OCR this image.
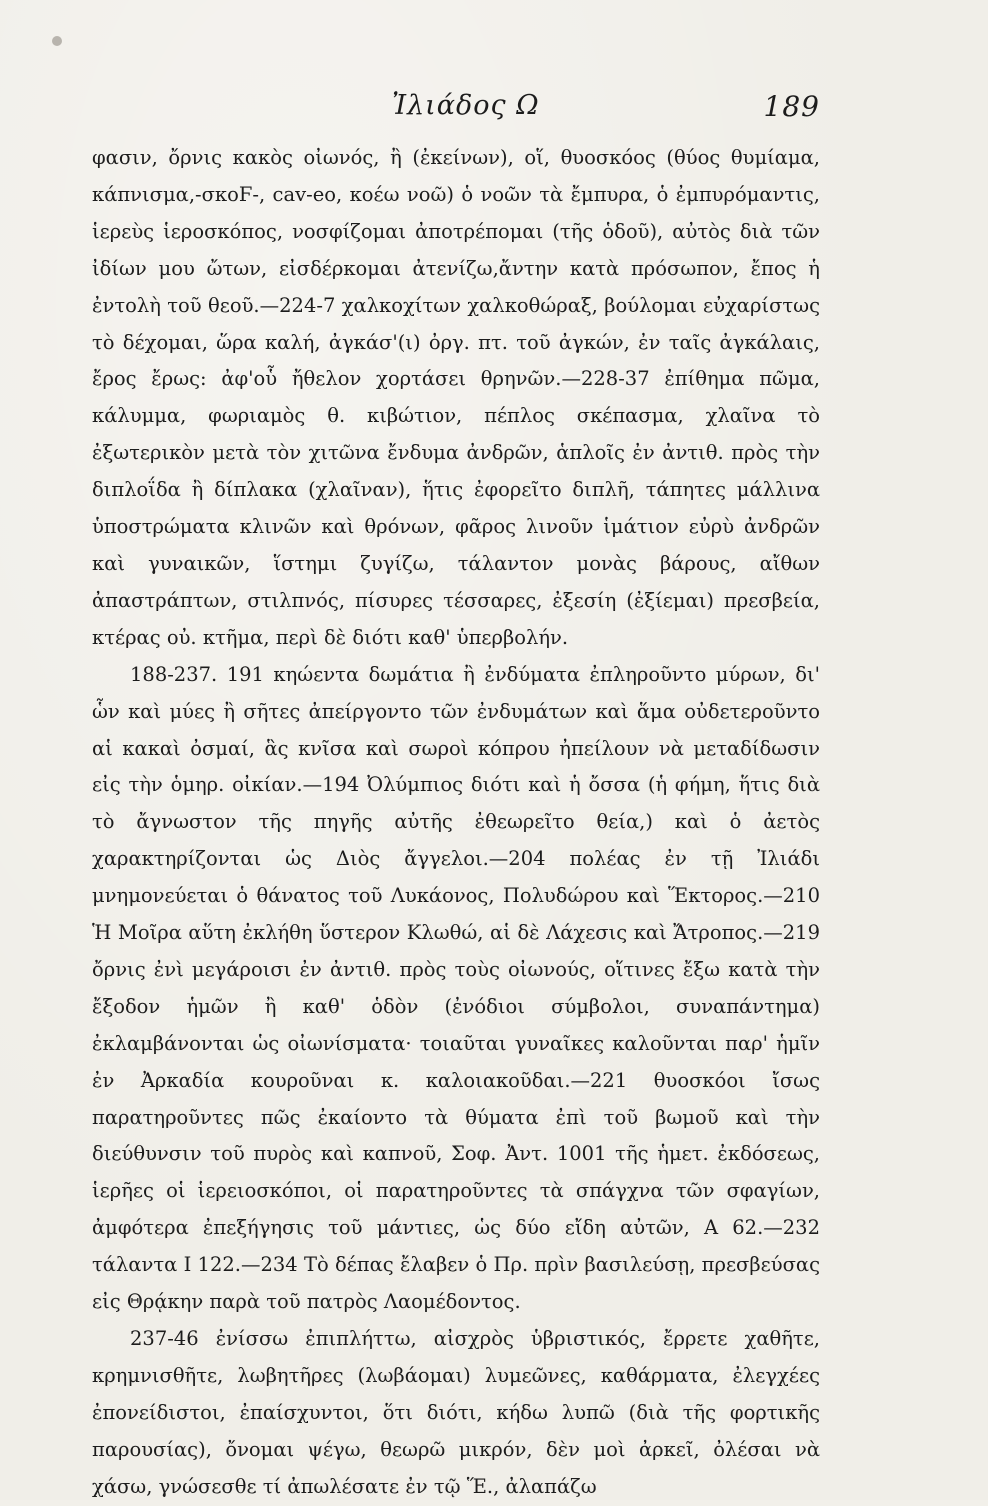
Ἰλιάδος Ω	189

φασιν, ὄρνις κακὸς οἰωνός, ἢ (ἐκείνων), οἵ, θυοσκόος (θύος θυμίαμα, κάπνισμα,-σκοϜ-, cav-eo, κοέω νοῶ) ὁ νοῶν τὰ ἔμπυρα, ὁ ἐμπυρόμαντις, ἱερεὺς ἱεροσκόπος, νοσφίζομαι ἀποτρέπομαι (τῆς ὁδοῦ), αὐτὸς διὰ τῶν ἰδίων μου ὤτων, εἰσδέρκομαι ἀτενίζω,ἄντην κατὰ πρόσωπον, ἔπος ἡ ἐντολὴ τοῦ θεοῦ.—224-7 χαλκοχίτων χαλκοθώραξ, βούλομαι εὐχαρίστως τὸ δέχομαι, ὥρα καλή, ἀγκάσ'(ι) ὀργ. πτ. τοῦ ἀγκών, ἐν ταῖς ἀγκάλαις, ἔρος ἔρως: ἀφ'οὗ ἤθελον χορτάσει θρηνῶν.—228-37 ἐπίθημα πῶμα, κάλυμμα, φωριαμὸς θ. κιβώτιον, πέπλος σκέπασμα, χλαῖνα τὸ ἐξωτερικὸν μετὰ τὸν χιτῶνα ἔνδυμα ἀνδρῶν, ἁπλοῖς ἐν ἀντιθ. πρὸς τὴν διπλοΐδα ἢ δίπλακα (χλαῖναν), ἥτις ἐφορεῖτο διπλῆ, τάπητες μάλλινα ὑποστρώματα κλινῶν καὶ θρόνων, φᾶρος λινοῦν ἱμάτιον εὐρὺ ἀνδρῶν καὶ γυναικῶν, ἵστημι ζυγίζω, τάλαντον μονὰς βάρους, αἴθων ἀπαστράπτων, στιλπνός, πίσυρες τέσσαρες, ἐξεσίη (ἐξίεμαι) πρεσβεία, κτέρας οὐ. κτῆμα, περὶ δὲ διότι καθ' ὑπερβολήν.

188-237. 191 κηώεντα δωμάτια ἢ ἐνδύματα ἐπληροῦντο μύρων, δι' ὧν καὶ μύες ἢ σῆτες ἀπείργοντο τῶν ἐνδυμάτων καὶ ἅμα οὐδετεροῦντο αἱ κακαὶ ὀσμαί, ἃς κνῖσα καὶ σωροὶ κόπρου ἠπείλουν νὰ μεταδίδωσιν εἰς τὴν ὁμηρ. οἰκίαν.—194 Ὀλύμπιος διότι καὶ ἡ ὄσσα (ἡ φήμη, ἥτις διὰ τὸ ἄγνωστον τῆς πηγῆς αὐτῆς ἐθεωρεῖτο θεία,) καὶ ὁ ἀετὸς χαρακτηρίζονται ὡς Διὸς ἄγγελοι.—204 πολέας ἐν τῇ Ἰλιάδι μνημονεύεται ὁ θάνατος τοῦ Λυκάονος, Πολυδώρου καὶ Ἕκτορος.—210 Ἡ Μοῖρα αὕτη ἐκλήθη ὕστερον Κλωθώ, αἱ δὲ Λάχεσις καὶ Ἄτροπος.—219 ὄρνις ἐνὶ μεγάροισι ἐν ἀντιθ. πρὸς τοὺς οἰωνούς, οἵτινες ἔξω κατὰ τὴν ἔξοδον ἡμῶν ἢ καθ' ὁδὸν (ἐνόδιοι σύμβολοι, συναπάντημα) ἐκλαμβάνονται ὡς οἰωνίσματα· τοιαῦται γυναῖκες καλοῦνται παρ' ἡμῖν ἐν Ἀρκαδία κουροῦναι κ. καλοιακοῦδαι.—221 θυοσκόοι ἴσως παρατηροῦντες πῶς ἐκαίοντο τὰ θύματα ἐπὶ τοῦ βωμοῦ καὶ τὴν διεύθυνσιν τοῦ πυρὸς καὶ καπνοῦ, Σοφ. Ἀντ. 1001 τῆς ἡμετ. ἐκδόσεως, ἱερῆες οἱ ἱερειοσκόποι, οἱ παρατηροῦντες τὰ σπάγχνα τῶν σφαγίων, ἀμφότερα ἐπεξήγησις τοῦ μάντιες, ὡς δύο εἴδη αὐτῶν, Α 62.—232 τάλαντα Ι 122.—234 Τὸ δέπας ἔλαβεν ὁ Πρ. πρὶν βασιλεύσῃ, πρεσβεύσας εἰς Θρᾴκην παρὰ τοῦ πατρὸς Λαομέδοντος.

237-46 ἐνίσσω ἐπιπλήττω, αἰσχρὸς ὑβριστικός, ἔρρετε χαθῆτε, κρημνισθῆτε, λωβητῆρες (λωβάομαι) λυμεῶνες, καθάρματα, ἐλεγχέες ἐπονείδιστοι, ἐπαίσχυντοι, ὅτι διότι, κήδω λυπῶ (διὰ τῆς φορτικῆς παρουσίας), ὄνομαι ψέγω, θεωρῶ μικρόν, δὲν μοὶ ἀρκεῖ, ὀλέσαι νὰ χάσω, γνώσεσθε τί ἀπωλέσατε ἐν τῷ Ἕ., ἀλαπάζω
